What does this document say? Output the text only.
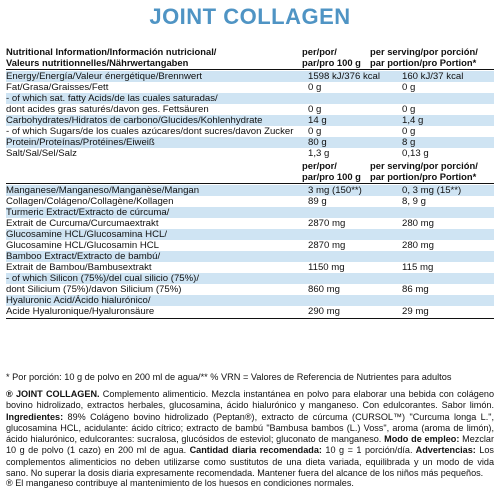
JOINT COLLAGEN
Nutritional Information/Información nutricional/
Valeurs nutritionnelles/Nährwertangaben
per/por/
par/pro 100 g
per serving/por porción/
par portion/pro Portion*
Energy/Energía/Valeur énergétique/Brennwert	1598 kJ/376 kcal 160 kJ/37 kcal
Fat/Grasa/Graisses/Fett	0 g	0 g
- of which sat. fatty Acids/de las cuales saturadas/
dont acides gras saturés/davon ges. Fettsäuren	0 g	0 g
Carbohydrates/Hidratos de carbono/Glucides/Kohlenhydrate	14 g	1,4 g
- of which Sugars/de los cuales azúcares/dont sucres/davon Zucker 0 g	0 g
Protein/Proteínas/Protéines/Eiweiß	80 g	8 g
Salt/Sal/Sel/Salz	1,3 g	0,13 g
per/por/
par/pro 100 g
per serving/por porción/
par portion/pro Portion*
Manganese/Manganeso/Manganèse/Mangan	3 mg (150**)	0, 3 mg (15**)
Collagen/Colágeno/Collagène/Kollagen	89 g	8, 9 g
Turmeric Extract/Extracto de cúrcuma/
Extrait de Curcuma/Curcumaextrakt	2870 mg	280 mg
Glucosamine HCL/Glucosamina HCL/
Glucosamine HCL/Glucosamin HCL	2870 mg	280 mg
Bamboo Extract/Extracto de bambú/
Extrait de Bambou/Bambusextrakt	1150 mg	115 mg
- of which Silicon (75%)/del cual silicio (75%)/
dont Silicium (75%)/davon Silicium (75%)	860 mg	86 mg
Hyaluronic Acid/Ácido hialurónico/
Acide Hyaluronique/Hyaluronsäure	290 mg	29 mg
* Por porción: 10 g de polvo en 200 ml de agua/** % VRN = Valores de Referencia de Nutrientes para adultos

® JOINT COLLAGEN. Complemento alimenticio. Mezcla instantánea en polvo para elaborar una bebida con colágeno bovino hidrolizado, extractos herbales, glucosamina, ácido hialurónico y manganeso. Con edulcorantes. Sabor limón. Ingredientes: 89% Colágeno bovino hidrolizado (Peptan®), extracto de cúrcuma (CURSOL™) "Curcuma longa L.", glucosamina HCL, acidulante: ácido cítrico; extracto de bambú "Bambusa bambos (L.) Voss", aroma (aroma de limón), ácido hialurónico, edulcorantes: sucralosa, glucósidos de esteviol; gluconato de manganeso. Modo de empleo: Mezclar 10 g de polvo (1 cazo) en 200 ml de agua. Cantidad diaria recomendada: 10 g = 1 porción/día. Advertencias: Los complementos alimenticios no deben utilizarse como sustitutos de una dieta variada, equilibrada y un modo de vida sano. No superar la dosis diaria expresamente recomendada. Mantener fuera del alcance de los niños más pequeños.

® El manganeso contribuye al mantenimiento de los huesos en condiciones normales.
